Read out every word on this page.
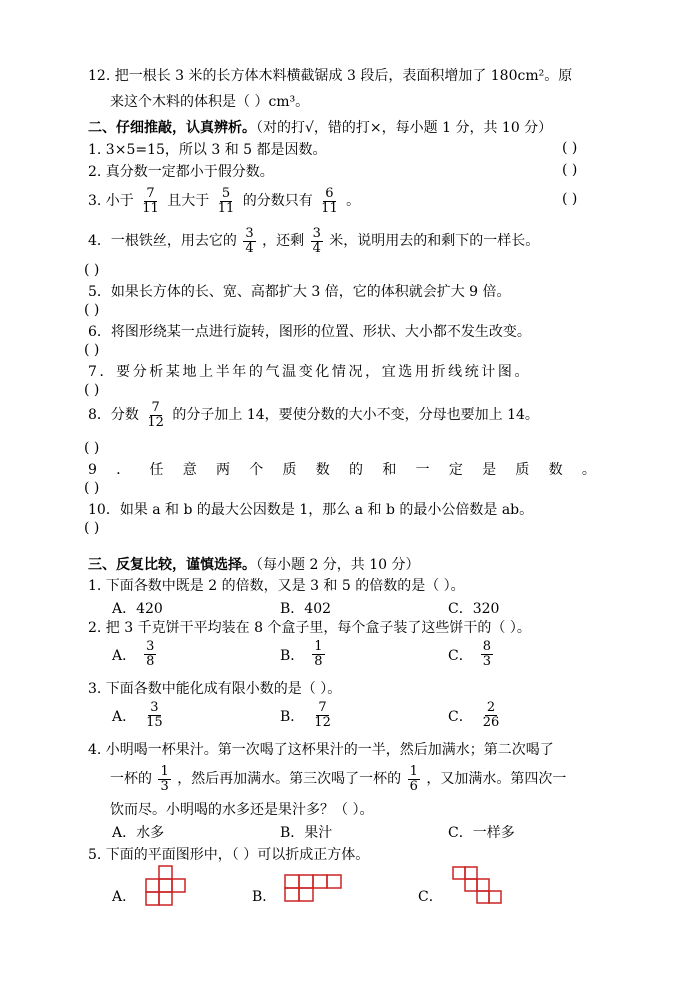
12. 把一根长 3 米的长方体木料横截锯成 3 段后，表面积增加了 180cm²。原
来这个木料的体积是（ ）cm³。
二、仔细推敲，认真辨析。（对的打√，错的打×，每小题 1 分，共 10 分）
1. 3×5=15，所以 3 和 5 都是因数。	( )
2. 真分数一定都小于假分数。	( )
3. 小于 $\frac{7}{11}$ 且大于 $\frac{5}{11}$ 的分数只有 $\frac{6}{11}$ 。	( )
4．一根铁丝，用去它的 $\frac{3}{4}$ ，还剩 $\frac{3}{4}$ 米，说明用去的和剩下的一样长。
( )
5．如果长方体的长、宽、高都扩大 3 倍，它的体积就会扩大 9 倍。
( )
6．将图形绕某一点进行旋转，图形的位置、形状、大小都不发生改变。
( )
7．要分析某地上半年的气温变化情况，宜选用折线统计图。
( )
8．分数 $\frac{7}{12}$ 的分子加上 14，要使分数的大小不变，分母也要加上 14。
( )
9 ． 任 意 两 个 质 数 的 和 一 定 是 质 数 。
( )
10．如果 a 和 b 的最大公因数是 1，那么 a 和 b 的最小公倍数是 ab。
( )
三、反复比较，谨慎选择。（每小题 2 分，共 10 分）
1. 下面各数中既是 2 的倍数，又是 3 和 5 的倍数的是（ ）。
A．420	B．402	C．320
2. 把 3 千克饼干平均装在 8 个盒子里，每个盒子装了这些饼干的（ ）。
A． $\frac{3}{8}$	B． $\frac{1}{8}$	C． $\frac{8}{3}$
3. 下面各数中能化成有限小数的是（ ）。
A． $\frac{3}{15}$	B． $\frac{7}{12}$	C． $\frac{2}{26}$
4. 小明喝一杯果汁。第一次喝了这杯果汁的一半，然后加满水；第二次喝了
一杯的 $\frac{1}{3}$ ，然后再加满水。第三次喝了一杯的 $\frac{1}{6}$ ，又加满水。第四次一
饮而尽。小明喝的水多还是果汁多？（ ）。
A．水多	B．果汁	C．一样多
5. 下面的平面图形中，（ ）可以折成正方体。
A．	B．	C．
